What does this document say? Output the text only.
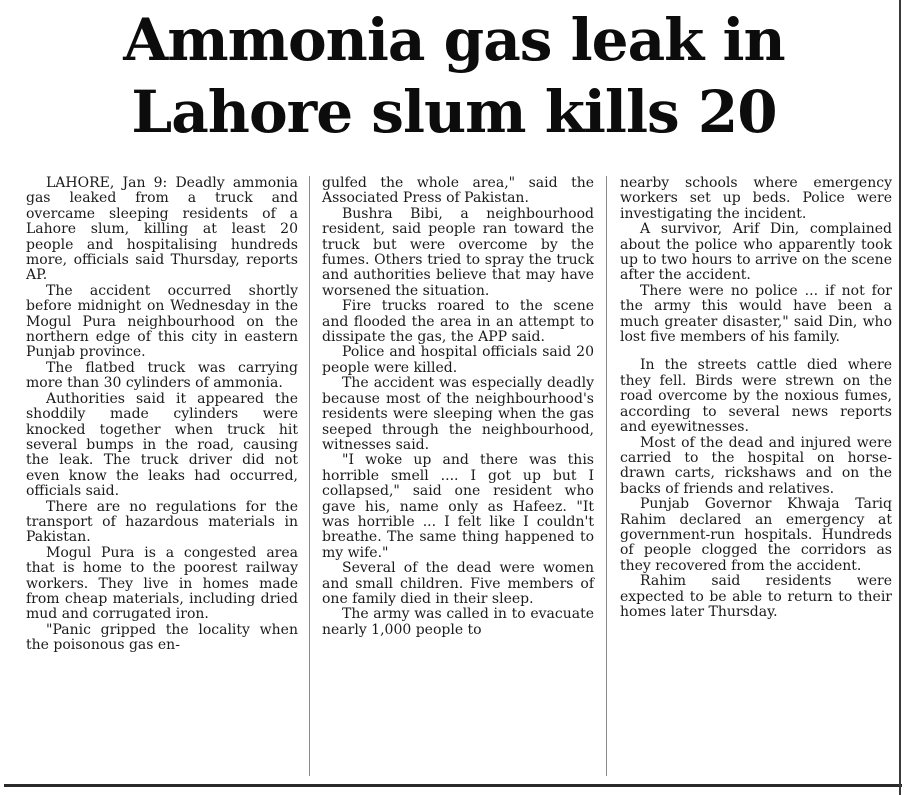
Ammonia gas leak in
Lahore slum kills 20

LAHORE, Jan 9: Deadly ammonia gas leaked from a truck and overcame sleeping residents of a Lahore slum, killing at least 20 people and hospitalising hundreds more, officials said Thursday, reports AP.

The accident occurred shortly before midnight on Wednesday in the Mogul Pura neighbourhood on the northern edge of this city in eastern Punjab province.

The flatbed truck was carrying more than 30 cylinders of ammonia.

Authorities said it appeared the shoddily made cylinders were knocked together when truck hit several bumps in the road, causing the leak. The truck driver did not even know the leaks had occurred, officials said.

There are no regulations for the transport of hazardous materials in Pakistan.

Mogul Pura is a congested area that is home to the poorest railway workers. They live in homes made from cheap materials, including dried mud and corrugated iron.

"Panic gripped the locality when the poisonous gas en-

gulfed the whole area," said the Associated Press of Pakistan.

Bushra Bibi, a neighbourhood resident, said people ran toward the truck but were overcome by the fumes. Others tried to spray the truck and authorities believe that may have worsened the situation.

Fire trucks roared to the scene and flooded the area in an attempt to dissipate the gas, the APP said.

Police and hospital officials said 20 people were killed.

The accident was especially deadly because most of the neighbourhood's residents were sleeping when the gas seeped through the neighbourhood, witnesses said.

"I woke up and there was this horrible smell .... I got up but I collapsed," said one resident who gave his, name only as Hafeez. "It was horrible ... I felt like I couldn't breathe. The same thing happened to my wife."

Several of the dead were women and small children. Five members of one family died in their sleep.

The army was called in to evacuate nearly 1,000 people to

nearby schools where emergency workers set up beds. Police were investigating the incident.

A survivor, Arif Din, complained about the police who apparently took up to two hours to arrive on the scene after the accident.

There were no police ... if not for the army this would have been a much greater disaster," said Din, who lost five members of his family.

In the streets cattle died where they fell. Birds were strewn on the road overcome by the noxious fumes, according to several news reports and eyewitnesses.

Most of the dead and injured were carried to the hospital on horse-drawn carts, rickshaws and on the backs of friends and relatives.

Punjab Governor Khwaja Tariq Rahim declared an emergency at government-run hospitals. Hundreds of people clogged the corridors as they recovered from the accident.

Rahim said residents were expected to be able to return to their homes later Thursday.
